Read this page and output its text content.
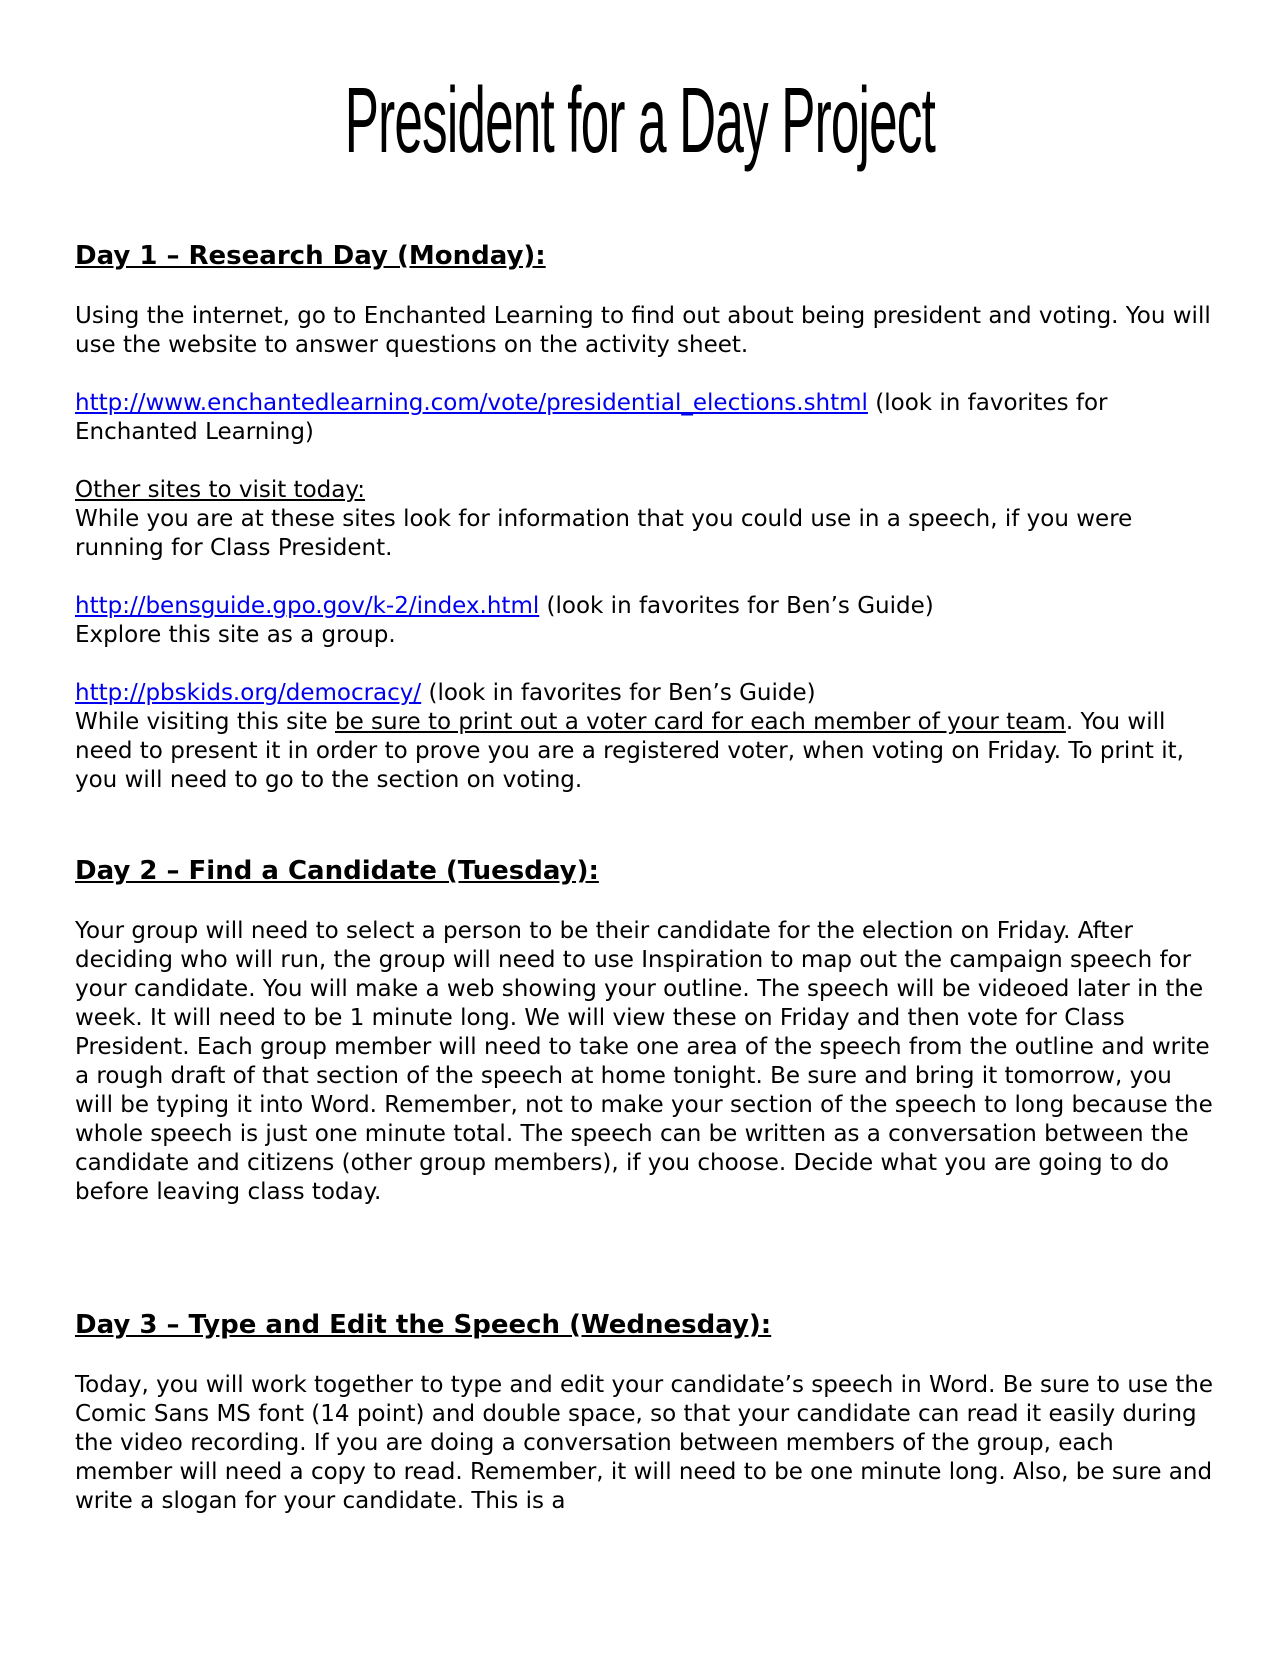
President for a Day Project
Day 1 – Research Day (Monday):

Using the internet, go to Enchanted Learning to find out about being president and voting. You will use the website to answer questions on the activity sheet.

http://www.enchantedlearning.com/vote/presidential_elections.shtml (look in favorites for Enchanted Learning)

Other sites to visit today:

While you are at these sites look for information that you could use in a speech, if you were running for Class President.

http://bensguide.gpo.gov/k-2/index.html (look in favorites for Ben’s Guide)

Explore this site as a group.

http://pbskids.org/democracy/ (look in favorites for Ben’s Guide)

While visiting this site be sure to print out a voter card for each member of your team. You will need to present it in order to prove you are a registered voter, when voting on Friday. To print it, you will need to go to the section on voting.

Day 2 – Find a Candidate (Tuesday):

Your group will need to select a person to be their candidate for the election on Friday. After deciding who will run, the group will need to use Inspiration to map out the campaign speech for your candidate. You will make a web showing your outline. The speech will be videoed later in the week. It will need to be 1 minute long. We will view these on Friday and then vote for Class President. Each group member will need to take one area of the speech from the outline and write a rough draft of that section of the speech at home tonight. Be sure and bring it tomorrow, you will be typing it into Word. Remember, not to make your section of the speech to long because the whole speech is just one minute total. The speech can be written as a conversation between the candidate and citizens (other group members), if you choose. Decide what you are going to do before leaving class today.

Day 3 – Type and Edit the Speech (Wednesday):

Today, you will work together to type and edit your candidate’s speech in Word. Be sure to use the Comic Sans MS font (14 point) and double space, so that your candidate can read it easily during the video recording. If you are doing a conversation between members of the group, each member will need a copy to read. Remember, it will need to be one minute long. Also, be sure and write a slogan for your candidate. This is a
